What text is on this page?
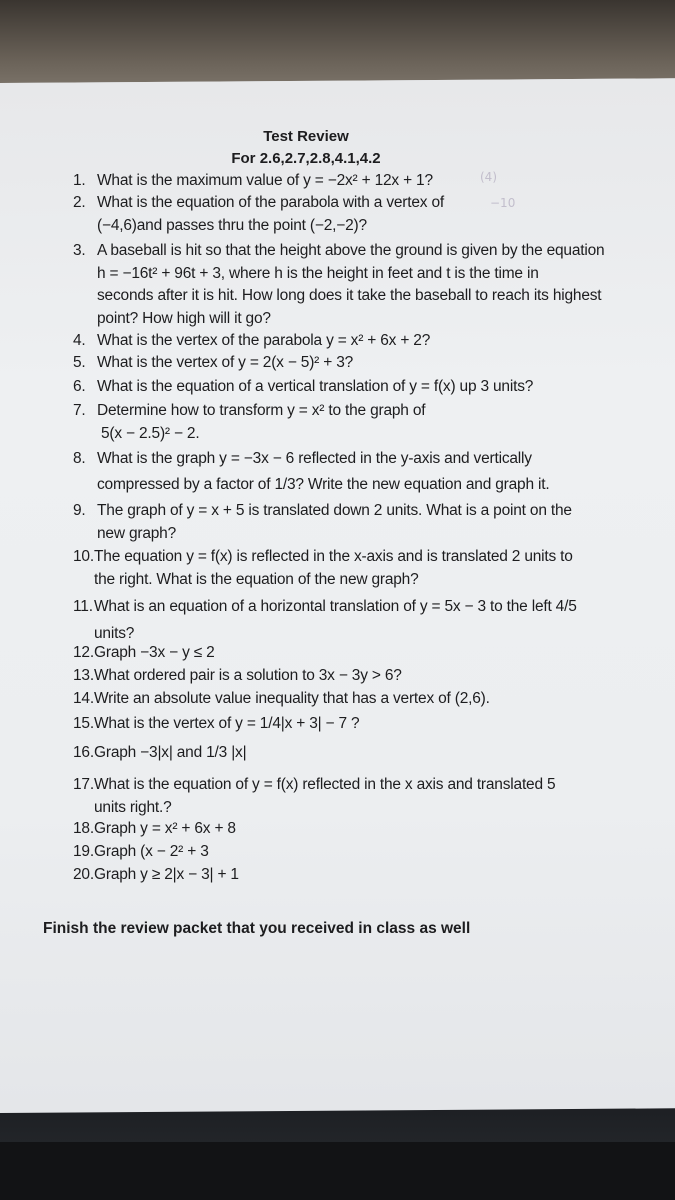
Test Review
For 2.6,2.7,2.8,4.1,4.2
1. What is the maximum value of y = −2x² + 12x + 1?
2. What is the equation of the parabola with a vertex of
(−4,6)and passes thru the point (−2,−2)?
3. A baseball is hit so that the height above the ground is given by the equation
h = −16t² + 96t + 3, where h is the height in feet and t is the time in
seconds after it is hit. How long does it take the baseball to reach its highest
point? How high will it go?
4. What is the vertex of the parabola y = x² + 6x + 2?
5. What is the vertex of y = 2(x − 5)² + 3?
6. What is the equation of a vertical translation of y = f(x) up 3 units?
7. Determine how to transform y = x² to the graph of
5(x − 2.5)² − 2.
8. What is the graph y = −3x − 6 reflected in the y-axis and vertically
compressed by a factor of 1/3? Write the new equation and graph it.
9. The graph of y = x + 5 is translated down 2 units. What is a point on the
new graph?
10. The equation y = f(x) is reflected in the x-axis and is translated 2 units to
the right. What is the equation of the new graph?
11. What is an equation of a horizontal translation of y = 5x − 3 to the left 4/5
units?
12. Graph −3x − y ≤ 2
13. What ordered pair is a solution to 3x − 3y > 6?
14. Write an absolute value inequality that has a vertex of (2,6).
15. What is the vertex of y = 1/4|x + 3| − 7 ?
16. Graph −3|x| and 1/3 |x|
17. What is the equation of y = f(x) reflected in the x axis and translated 5
units right.?
18. Graph y = x² + 6x + 8
19. Graph (x − 2² + 3
20. Graph y ≥ 2|x − 3| + 1
Finish the review packet that you received in class as well
(4)
−10
